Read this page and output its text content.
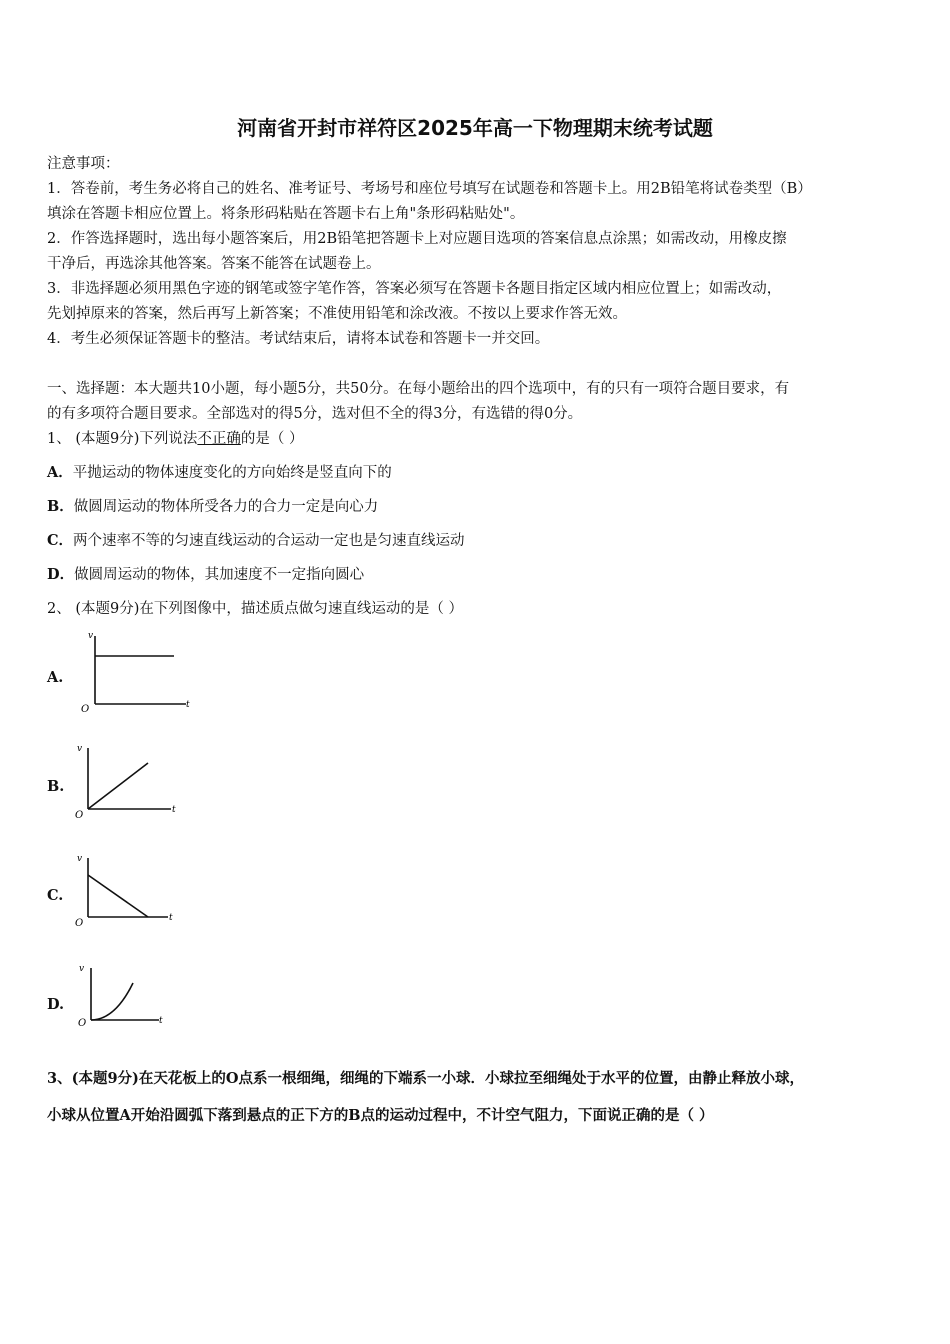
河南省开封市祥符区2025年高一下物理期末统考试题
注意事项：
1．答卷前，考生务必将自己的姓名、准考证号、考场号和座位号填写在试题卷和答题卡上。用2B铅笔将试卷类型（B）
填涂在答题卡相应位置上。将条形码粘贴在答题卡右上角"条形码粘贴处"。
2．作答选择题时，选出每小题答案后，用2B铅笔把答题卡上对应题目选项的答案信息点涂黑；如需改动，用橡皮擦
干净后，再选涂其他答案。答案不能答在试题卷上。
3．非选择题必须用黑色字迹的钢笔或签字笔作答，答案必须写在答题卡各题目指定区域内相应位置上；如需改动，
先划掉原来的答案，然后再写上新答案；不准使用铅笔和涂改液。不按以上要求作答无效。
4．考生必须保证答题卡的整洁。考试结束后，请将本试卷和答题卡一并交回。
一、选择题：本大题共10小题，每小题5分，共50分。在每小题给出的四个选项中，有的只有一项符合题目要求，有
的有多项符合题目要求。全部选对的得5分，选对但不全的得3分，有选错的得0分。
1、 (本题9分)下列说法不正确的是（ ）
A．平抛运动的物体速度变化的方向始终是竖直向下的
B．做圆周运动的物体所受各力的合力一定是向心力
C．两个速率不等的匀速直线运动的合运动一定也是匀速直线运动
D．做圆周运动的物体，其加速度不一定指向圆心
2、 (本题9分)在下列图像中，描述质点做匀速直线运动的是（ ）
A.
v
t
O
B.
v
t
O
C.
v
t
O
D.
v
t
O
3、(本题9分)在天花板上的O点系一根细绳，细绳的下端系一小球．小球拉至细绳处于水平的位置，由静止释放小球，
小球从位置A开始沿圆弧下落到悬点的正下方的B点的运动过程中，不计空气阻力，下面说正确的是（ ）
